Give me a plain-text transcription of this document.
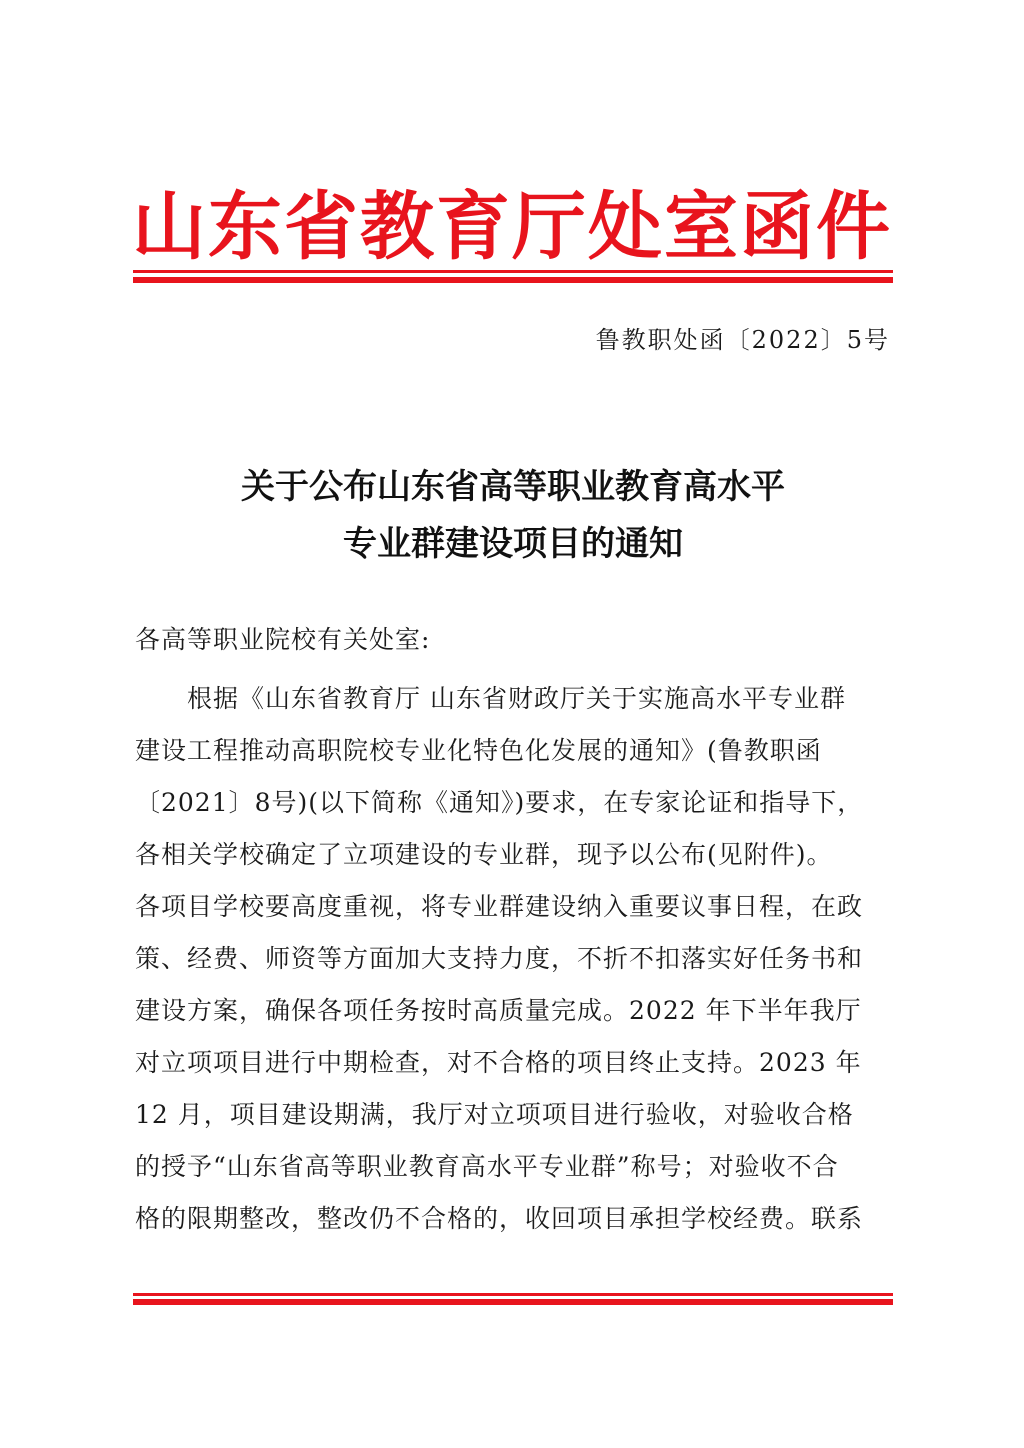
山东省教育厅处室函件
鲁教职处函〔2022〕5号
关于公布山东省高等职业教育高水平
专业群建设项目的通知
各高等职业院校有关处室:
根据《山东省教育厅 山东省财政厅关于实施高水平专业群
建设工程推动高职院校专业化特色化发展的通知》(鲁教职函
〔2021〕8号)(以下简称《通知》)要求，在专家论证和指导下，
各相关学校确定了立项建设的专业群，现予以公布(见附件)。
各项目学校要高度重视，将专业群建设纳入重要议事日程，在政
策、经费、师资等方面加大支持力度，不折不扣落实好任务书和
建设方案，确保各项任务按时高质量完成。2022 年下半年我厅
对立项项目进行中期检查，对不合格的项目终止支持。2023 年
12 月，项目建设期满，我厅对立项项目进行验收，对验收合格
的授予“山东省高等职业教育高水平专业群”称号；对验收不合
格的限期整改，整改仍不合格的，收回项目承担学校经费。联系
